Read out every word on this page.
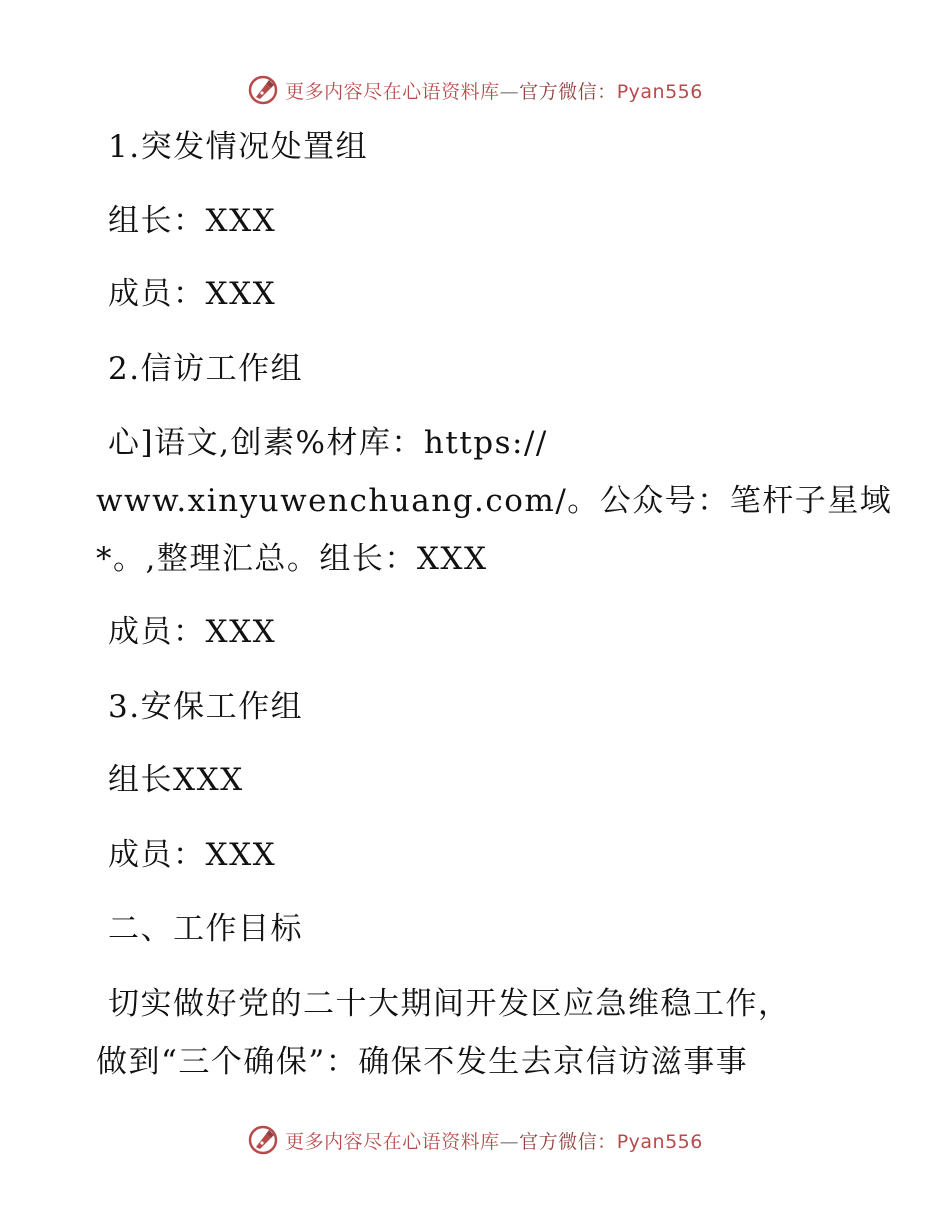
更多内容尽在心语资料库—官方微信：Pyan556
1.突发情况处置组
组长：XXX
成员：XXX
2.信访工作组
心]语文,创素%材库：https://
www.xinyuwenchuang.com/。公众号：笔杆子星域
*。,整理汇总。组长：XXX
成员：XXX
3.安保工作组
组长XXX
成员：XXX
二、工作目标
切实做好党的二十大期间开发区应急维稳工作，
做到“三个确保”：确保不发生去京信访滋事事
更多内容尽在心语资料库—官方微信：Pyan556
